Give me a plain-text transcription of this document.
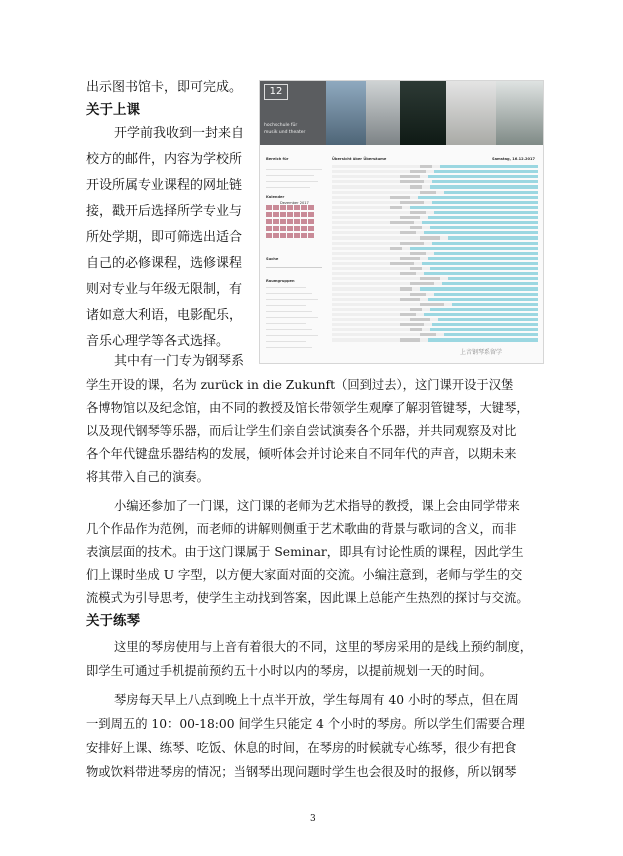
出示图书馆卡，即可完成。
关于上课
开学前我收到一封来自
校方的邮件，内容为学校所
开设所属专业课程的网址链
接，戳开后选择所学专业与
所处学期，即可筛选出适合
自己的必修课程，选修课程
则对专业与年级无限制，有
诸如意大利语，电影配乐，
音乐心理学等各式选择。
其中有一门专为钢琴系
学生开设的课，名为 zurück in die Zukunft（回到过去），这门课开设于汉堡
各博物馆以及纪念馆，由不同的教授及馆长带领学生观摩了解羽管键琴，大键琴，
以及现代钢琴等乐器，而后让学生们亲自尝试演奏各个乐器，并共同观察及对比
各个年代键盘乐器结构的发展，倾听体会并讨论来自不同年代的声音，以期未来
将其带入自己的演奏。
小编还参加了一门课，这门课的老师为艺术指导的教授，课上会由同学带来
几个作品作为范例，而老师的讲解则侧重于艺术歌曲的背景与歌词的含义，而非
表演层面的技术。由于这门课属于 Seminar，即具有讨论性质的课程，因此学生
们上课时坐成 U 字型，以方便大家面对面的交流。小编注意到，老师与学生的交
流模式为引导思考，使学生主动找到答案，因此课上总能产生热烈的探讨与交流。
关于练琴
这里的琴房使用与上音有着很大的不同，这里的琴房采用的是线上预约制度，
即学生可通过手机提前预约五十小时以内的琴房，以提前规划一天的时间。
琴房每天早上八点到晚上十点半开放，学生每周有 40 小时的琴点，但在周
一到周五的 10：00-18:00 间学生只能定 4 个小时的琴房。所以学生们需要合理
安排好上课、练琴、吃饭、休息的时间，在琴房的时候就专心练琴，很少有把食
物或饮料带进琴房的情况；当钢琴出现问题时学生也会很及时的报修，所以钢琴
3
12
hochschule für
musik und theater
Bereich für	Übersicht über Übersäume	Samstag, 16.12.2017
Kalender
Dezember 2017
Suche
Raumgruppen
上音钢琴系留学
